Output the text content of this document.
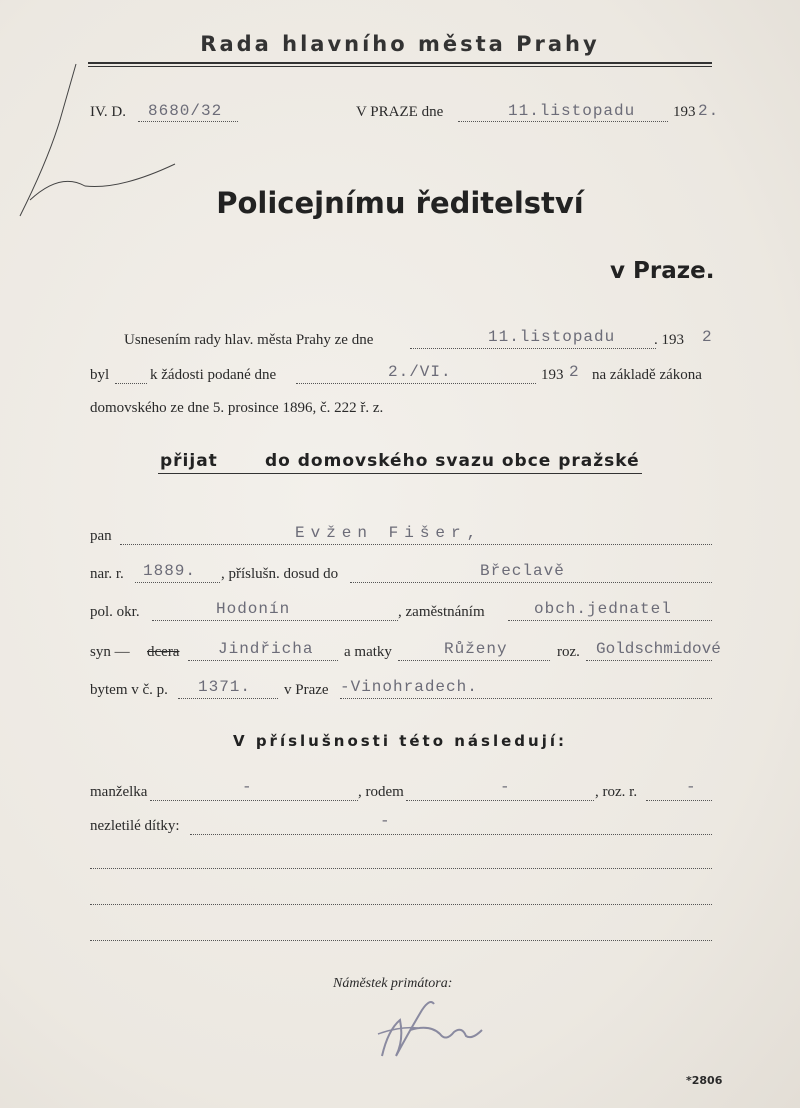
Rada hlavního města Prahy
IV. D. 8680/32	V PRAZE dne	11.listopadu	193 2.
Policejnímu ředitelství
v Praze.
Usnesením rady hlav. města Prahy ze dne	11.listopadu	. 193 2
byl	k žádosti podané dne	2./VI.	193 2 na základě zákona
domovského ze dne 5. prosince 1896, č. 222 ř. z.
přijat	do domovského svazu obce pražské
pan	Evžen Fišer,
nar. r. 1889. , příslušn. dosud do	Břeclavě
pol. okr.	Hodonín	, zaměstnáním	obch.jednatel
syn — dcera Jindřicha a matky	Růženy	roz. Goldschmidové
bytem v č. p. 1371. v Praze -Vinohradech.
V příslušnosti této následují:
manželka	-	, rodem	-	, roz. r.	-
nezletilé dítky:	-
Náměstek primátora:
*2806
